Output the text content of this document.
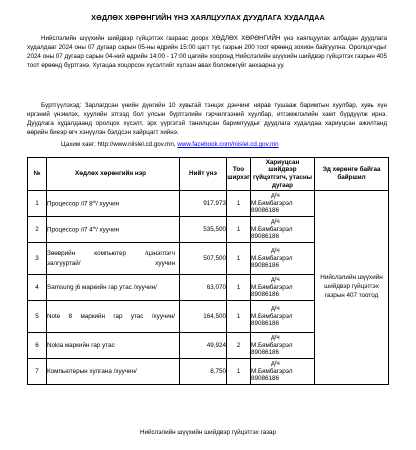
ХӨДЛӨХ ХӨРӨНГИЙН ҮНЭ ХАЯЛЦУУЛАХ ДУУДЛАГА ХУДАЛДАА
Нийслэлийн шүүхийн шийдвэр гүйцэтгэх газраас доорх ХӨДЛӨХ ХӨРӨНГИЙН үнэ хаялцуулах албадан дуудлага худалдааг 2024 оны 07 дугаар сарын 05-ны өдрийн 15:00 цагт тус газрын 200 тоот өрөөнд зохион байгуулна. Оролцогчдыг 2024 оны 07 дугаар сарын 04-ний өдрийн 14:00 - 17:00 цагийн хооронд Нийслэлийн шүүхийн шийдвэр гүйцэтгэх газрын 405 тоот өрөөнд бүртгэнэ. Хугацаа хоцорсон хүсэлтийг хүлээн авах боломжгүйг анхаарна уу.
Бүртгүүлэхэд: Зарлагдсан үнийн дүнгийн 10 хувьтай тэнцэх дэнчинг нярав тушааж баримтын хуулбар, хувь хүн иргэний үнэмлэх, хуулийн этгээд бол улсын бүртгэлийн гэрчилгээний хуулбар, итгэмжлэлийн хамт бүрдүүлж ирнэ. Дуудлага худалдаанд оролцох хүсэлт, эрх үүргэтэй танилцсан баримтуудыг дуудлага худалдаа хариуцсан ажилтанд өөрийн биеэр өгч хэнүүлэн бэлдсэн хайрцагт хийнэ.
Цахим хаяг: http://www.niislel.cd.gov.mn, www.facebook.com/niislel.cd.gov.mn
№	Хөдлөх хөрөнгийн нэр	Нийт үнэ	Тоо ширхэг	Хариуцсан шийдвэр гүйцэтгэгч, утасны дугаар	Эд хөрөнгө байгаа байршил
1	Процессор /i7 8th/ хуучин	917,973	1	д/ч
М.Бямбагэрэл
89086186	Нийслэлийн шүүхийн шийдвэр гүйцэтгэх газрын 407 тоотод
2	Процессор /i7 4th/ хуучин	535,500	1	д/ч
М.Бямбагэрэл
89086186	

3	Зөөврийн компьютер /цэнэглэгч залгууртай/ хуучин	507,500	1	д/ч
М.Бямбагэрэл
89086186	

4	Samsung j6 маркийн гар утас /хуучин/	63,070	1	д/ч
М.Бямбагэрэл
89086186	

5	Note 8 маркийн гар утас /хуучин/	164,500	1	д/ч
М.Бямбагэрэл
89086186	

6	Nokia маркийн гар утас	49,924	2	д/ч
М.Бямбагэрэл
89086186	

7	Компьютерын хулгана /хуучин/	8,750	1	д/ч
М.Бямбагэрэл
89086186	
Нийслэлийн шүүхийн шийдвэр гүйцэтгэх газар
